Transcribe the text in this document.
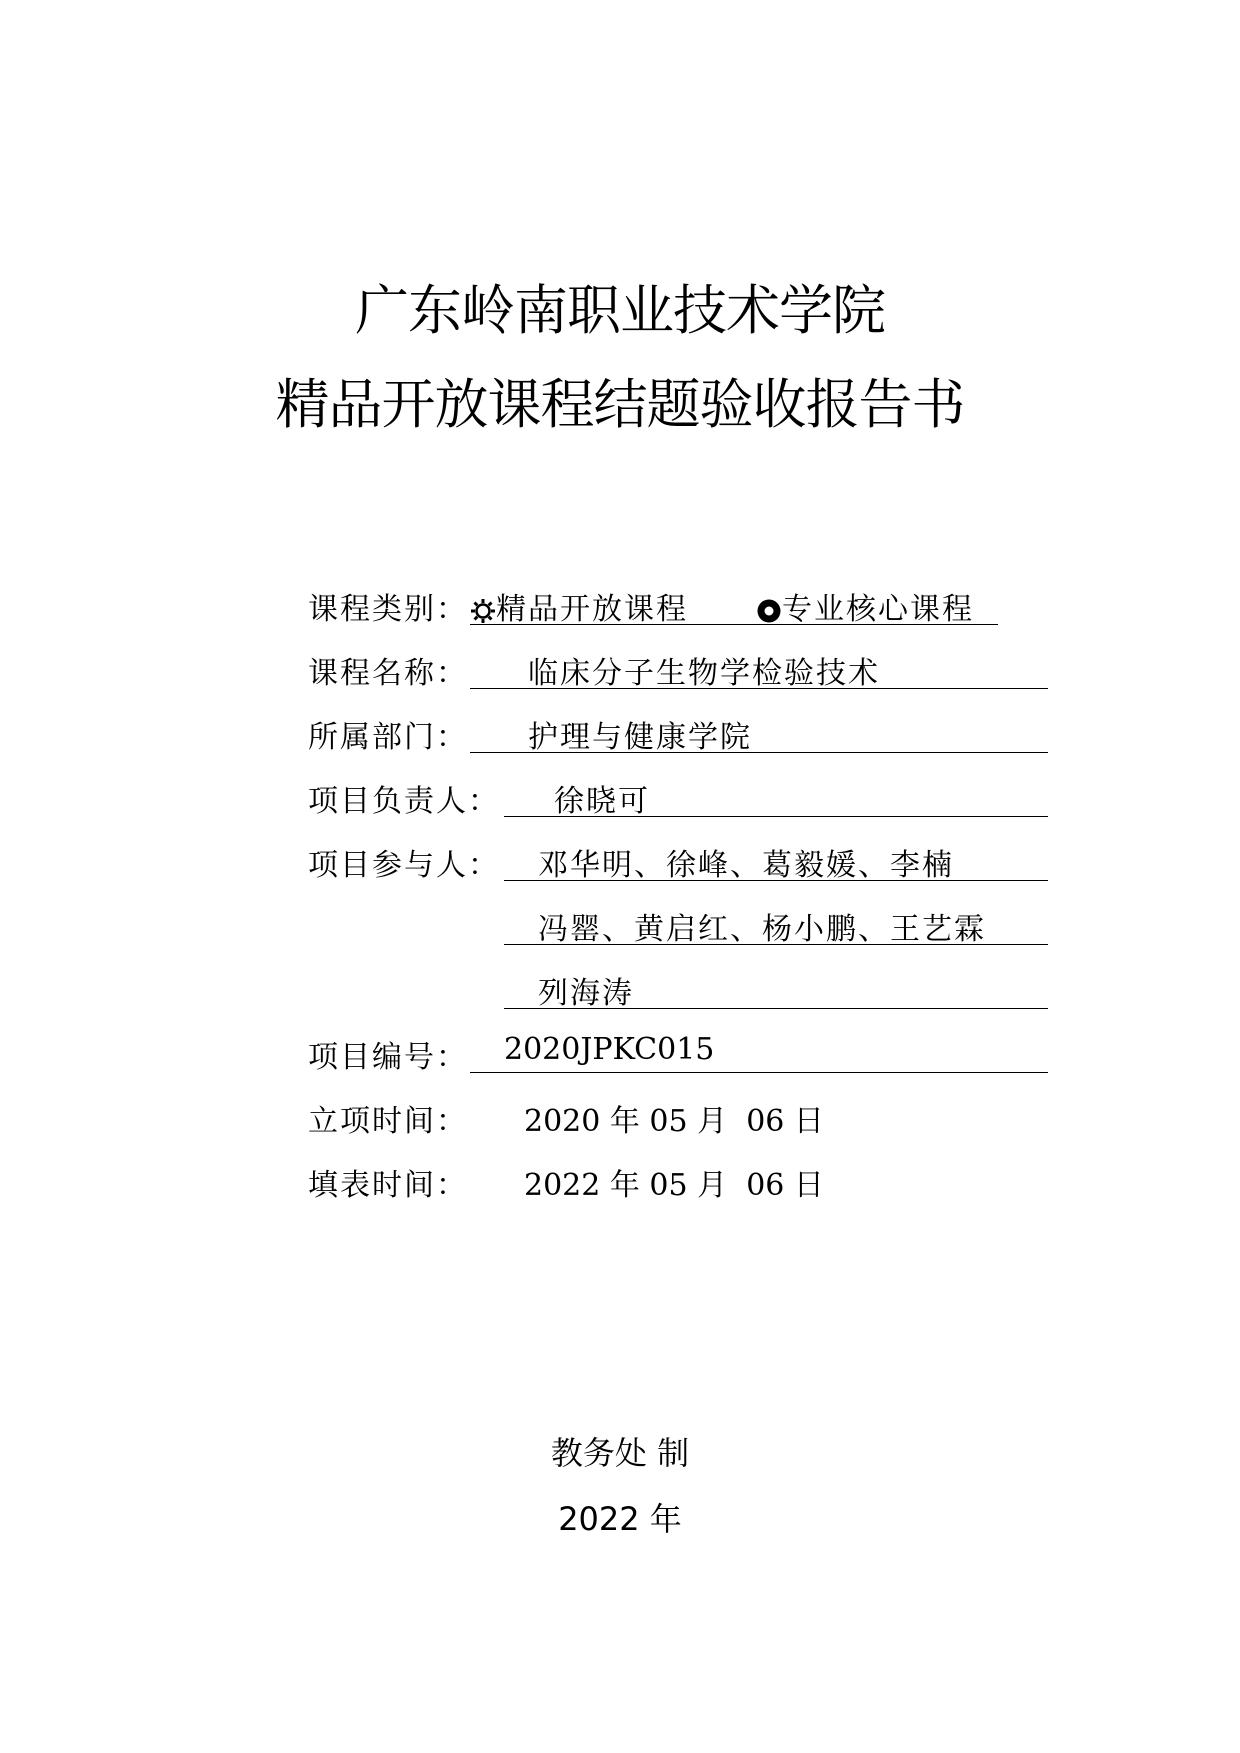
广东岭南职业技术学院
精品开放课程结题验收报告书
课程类别： 精品开放课程	专业核心课程
课程名称： 临床分子生物学检验技术
所属部门： 护理与健康学院
项目负责人： 徐晓可
项目参与人： 邓华明、徐峰、葛毅媛、李楠
冯罂、黄启红、杨小鹏、王艺霖
列海涛
项目编号： 2020JPKC015
立项时间： 2020 年 05 月  06 日
填表时间： 2022 年 05 月  06 日
教务处 制
2022 年
